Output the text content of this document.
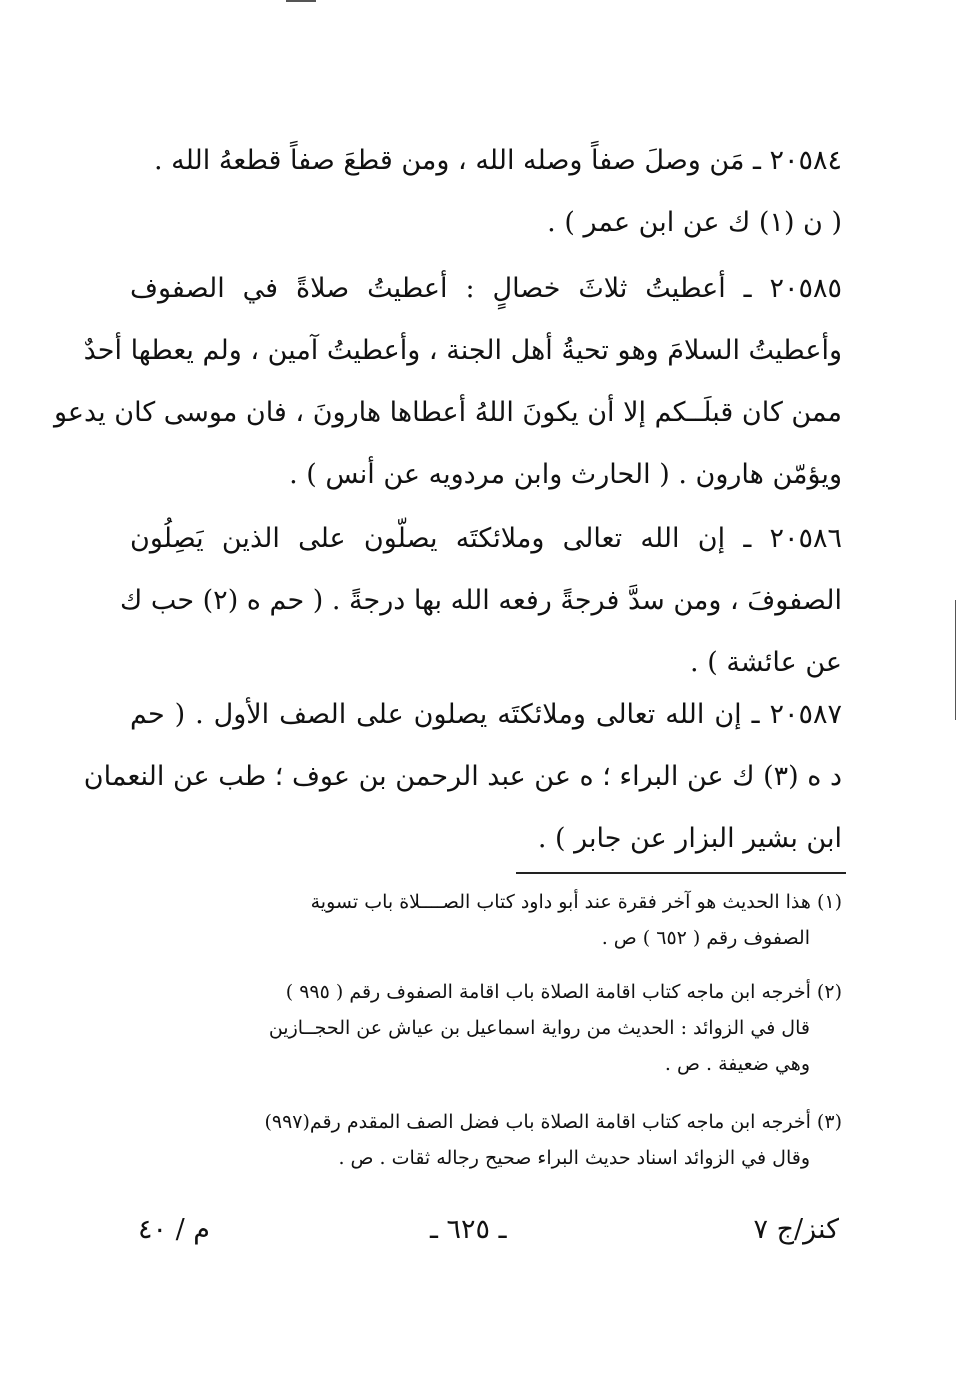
٢٠٥٨٤ ـ مَن وصلَ صفاً وصله الله ، ومن قطعَ صفاً قطعهُ الله .
( ن (١) ك عن ابن عمر ) .
٢٠٥٨٥ ـ أعطيتُ ثلاثَ خصالٍ : أعطيتُ صلاةً في الصفوف
وأعطيتُ السلامَ وهو تحيةُ أهل الجنة ، وأعطيتُ آمين ، ولم يعطها أحدٌ
ممن كان قبلَــكم إلا أن يكونَ اللهُ أعطاها هارونَ ، فان موسى كان يدعو
ويؤمّن هارون . ( الحارث وابن مردويه عن أنس ) .
٢٠٥٨٦ ـ إن الله تعالى وملائكتَه يصلّون على الذين يَصِلُون
الصفوفَ ، ومن سدَّ فرجةً رفعه الله بها درجةً . ( حم ه (٢) حب ك
عن عائشة ) .
٢٠٥٨٧ ـ إن الله تعالى وملائكتَه يصلون على الصف الأول . ( حم
د ه (٣) ك عن البراء ؛ ه عن عبد الرحمن بن عوف ؛ طب عن النعمان
ابن بشير البزار عن جابر ) .
(١) هذا الحديث هو آخر فقرة عند أبو داود كتاب الصــــلاة باب تسوية
الصفوف رقم ( ٦٥٢ ) ص .
(٢) أخرجه ابن ماجه كتاب اقامة الصلاة باب اقامة الصفوف رقم ( ٩٩٥ )
قال في الزوائد : الحديث من رواية اسماعيل بن عياش عن الحجــازين
وهي ضعيفة . ص .
(٣) أخرجه ابن ماجه كتاب اقامة الصلاة باب فضل الصف المقدم رقم(٩٩٧)
وقال في الزوائد اسناد حديث البراء صحيح رجاله ثقات . ص .
كنز/ج ٧
ـ ٦٢٥ ـ
م / ٤٠
